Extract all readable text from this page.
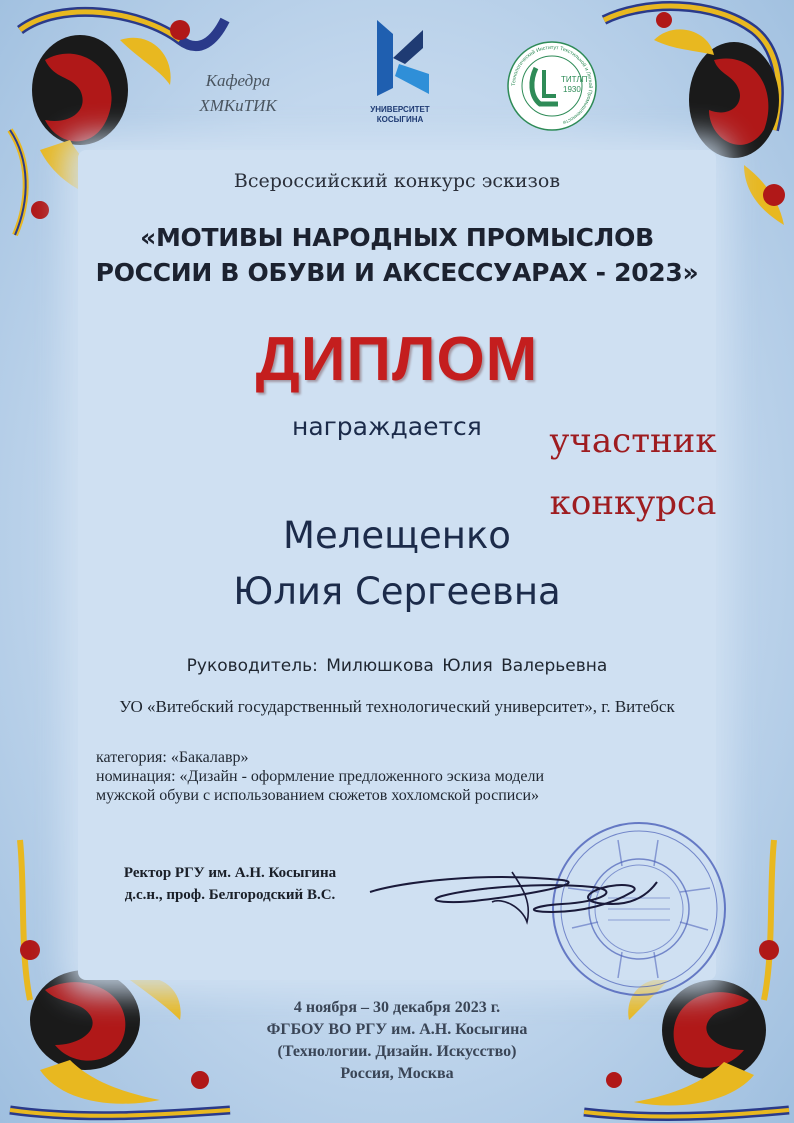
Кафедра
ХМКиТИК	УНИВЕРСИТЕТ
КОСЫГИНА
ТИТЛП
1930
Технологический Институт Текстильной и Легкой Промышленности
Всероссийский конкурс эскизов
«МОТИВЫ НАРОДНЫХ ПРОМЫСЛОВ
РОССИИ В ОБУВИ И АКСЕССУАРАХ - 2023»
ДИПЛОМ
награждается	участник
конкурса
Мелещенко
Юлия Сергеевна
Руководитель: Милюшкова Юлия Валерьевна
УО «Витебский государственный технологический университет», г. Витебск
категория: «Бакалавр»
номинация: «Дизайн - оформление предложенного эскиза модели
мужской обуви с использованием сюжетов хохломской росписи»
Ректор РГУ им. А.Н. Косыгина
д.с.н., проф. Белгородский В.С.
4 ноября – 30 декабря 2023 г.
ФГБОУ ВО РГУ им. А.Н. Косыгина
(Технологии. Дизайн. Искусство)
Россия, Москва
